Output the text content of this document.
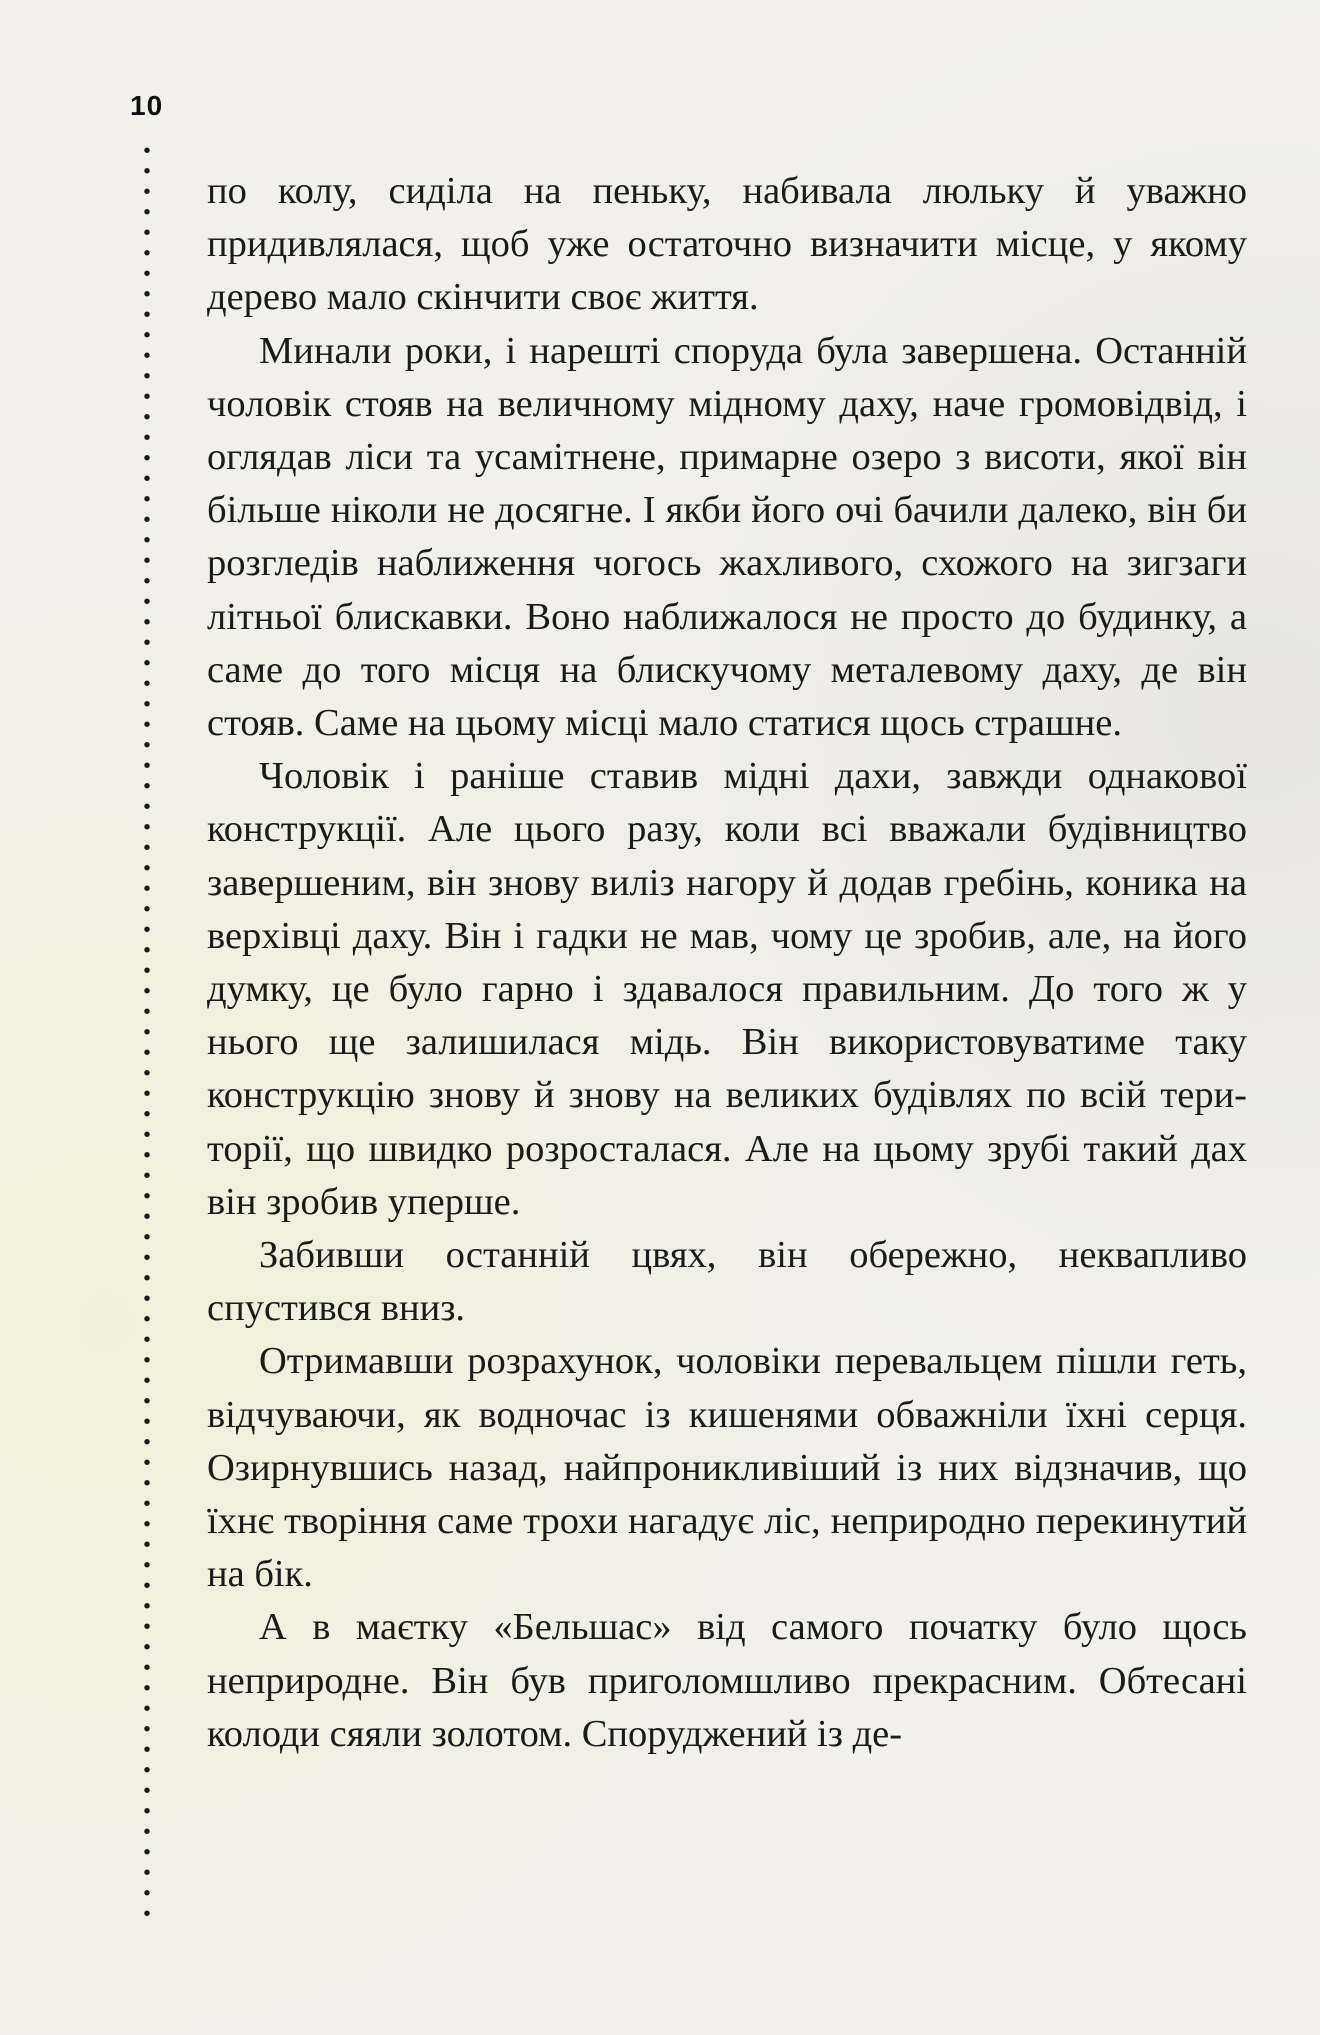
10

по колу, сиділа на пеньку, набивала люльку й уважно придивлялася, щоб уже остаточно визначити місце, у якому дерево мало скінчити своє життя.

Минали роки, і нарешті споруда була завершена. Останній чоловік стояв на величному мідному даху, наче громовідвід, і оглядав ліси та усамітнене, примарне озеро з висоти, якої він більше ніколи не досягне. І якби його очі бачили далеко, він би розгледів наближення чогось жахливого, схожого на зигзаги літньої блискавки. Воно наближалося не просто до будинку, а саме до того місця на блискучому металевому даху, де він стояв. Саме на цьому місці мало статися щось страшне.

Чоловік і раніше ставив мідні дахи, завжди однакової конструкції. Але цього разу, коли всі вважали будівництво завершеним, він знову виліз нагору й додав гребінь, коника на верхівці даху. Він і гадки не мав, чому це зробив, але, на його думку, це було гарно і здавалося правильним. До того ж у нього ще залишилася мідь. Він використовуватиме таку конструкцію знову й знову на великих будівлях по всій території, що швидко розросталася. Але на цьому зрубі такий дах він зробив уперше.

Забивши останній цвях, він обережно, неквапливо спустився вниз.

Отримавши розрахунок, чоловіки перевальцем пішли геть, відчуваючи, як водночас із кишенями обважніли їхні серця. Озирнувшись назад, найпроникливіший із них відзначив, що їхнє творіння саме трохи нагадує ліс, неприродно перекинутий на бік.

А в маєтку «Бельшас» від самого початку було щось неприродне. Він був приголомшливо прекрасним. Обтесані колоди сяяли золотом. Споруджений із де-
